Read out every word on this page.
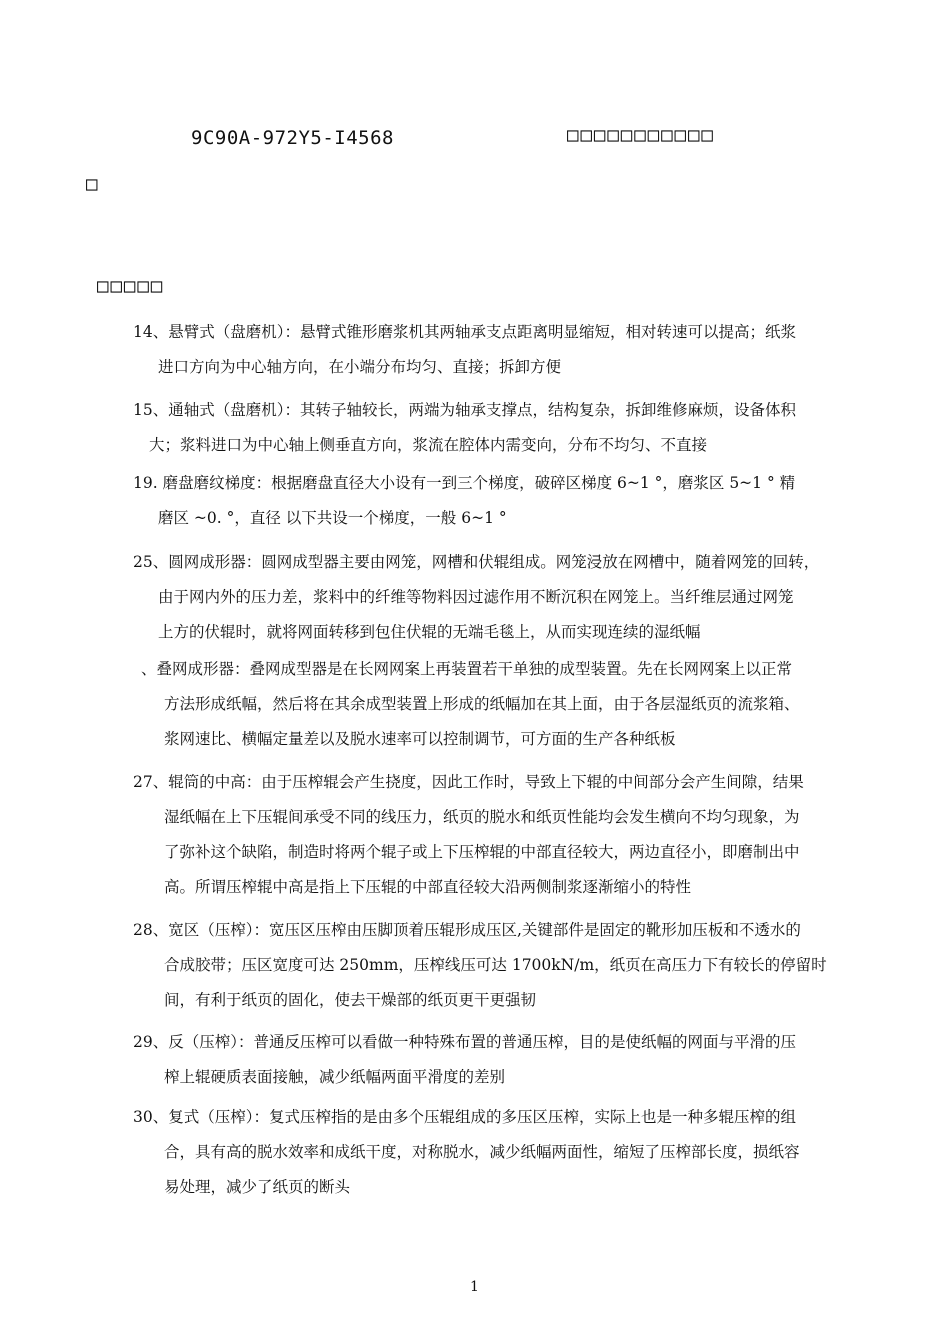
9C90A-972Y5-I4568	□□□□□□□□□□□
□
□□□□□
14、悬臂式（盘磨机）：悬臂式锥形磨浆机其两轴承支点距离明显缩短，相对转速可以提高；纸浆
进口方向为中心轴方向，在小端分布均匀、直接；拆卸方便
15、通轴式（盘磨机）：其转子轴较长，两端为轴承支撑点，结构复杂，拆卸维修麻烦，设备体积
大；浆料进口为中心轴上侧垂直方向，浆流在腔体内需变向，分布不均匀、不直接
19. 磨盘磨纹梯度：根据磨盘直径大小设有一到三个梯度，破碎区梯度 6~1 °，磨浆区 5~1 ° 精
磨区 ~0. °，直径 以下共设一个梯度，一般 6~1 °
25、圆网成形器：圆网成型器主要由网笼，网槽和伏辊组成。网笼浸放在网槽中，随着网笼的回转，
由于网内外的压力差，浆料中的纤维等物料因过滤作用不断沉积在网笼上。当纤维层通过网笼
上方的伏辊时，就将网面转移到包住伏辊的无端毛毯上，从而实现连续的湿纸幅
、叠网成形器：叠网成型器是在长网网案上再装置若干单独的成型装置。先在长网网案上以正常
方法形成纸幅，然后将在其余成型装置上形成的纸幅加在其上面，由于各层湿纸页的流浆箱、
浆网速比、横幅定量差以及脱水速率可以控制调节，可方面的生产各种纸板
27、辊筒的中高：由于压榨辊会产生挠度，因此工作时，导致上下辊的中间部分会产生间隙，结果
湿纸幅在上下压辊间承受不同的线压力，纸页的脱水和纸页性能均会发生横向不均匀现象，为
了弥补这个缺陷，制造时将两个辊子或上下压榨辊的中部直径较大，两边直径小，即磨制出中
高。所谓压榨辊中高是指上下压辊的中部直径较大沿两侧制浆逐渐缩小的特性
28、宽区（压榨）：宽压区压榨由压脚顶着压辊形成压区,关键部件是固定的靴形加压板和不透水的
合成胶带；压区宽度可达 250mm，压榨线压可达 1700kN/m，纸页在高压力下有较长的停留时
间，有利于纸页的固化，使去干燥部的纸页更干更强韧
29、反（压榨）：普通反压榨可以看做一种特殊布置的普通压榨，目的是使纸幅的网面与平滑的压
榨上辊硬质表面接触，减少纸幅两面平滑度的差别
30、复式（压榨）：复式压榨指的是由多个压辊组成的多压区压榨，实际上也是一种多辊压榨的组
合，具有高的脱水效率和成纸干度，对称脱水，减少纸幅两面性，缩短了压榨部长度，损纸容
易处理，减少了纸页的断头
1
